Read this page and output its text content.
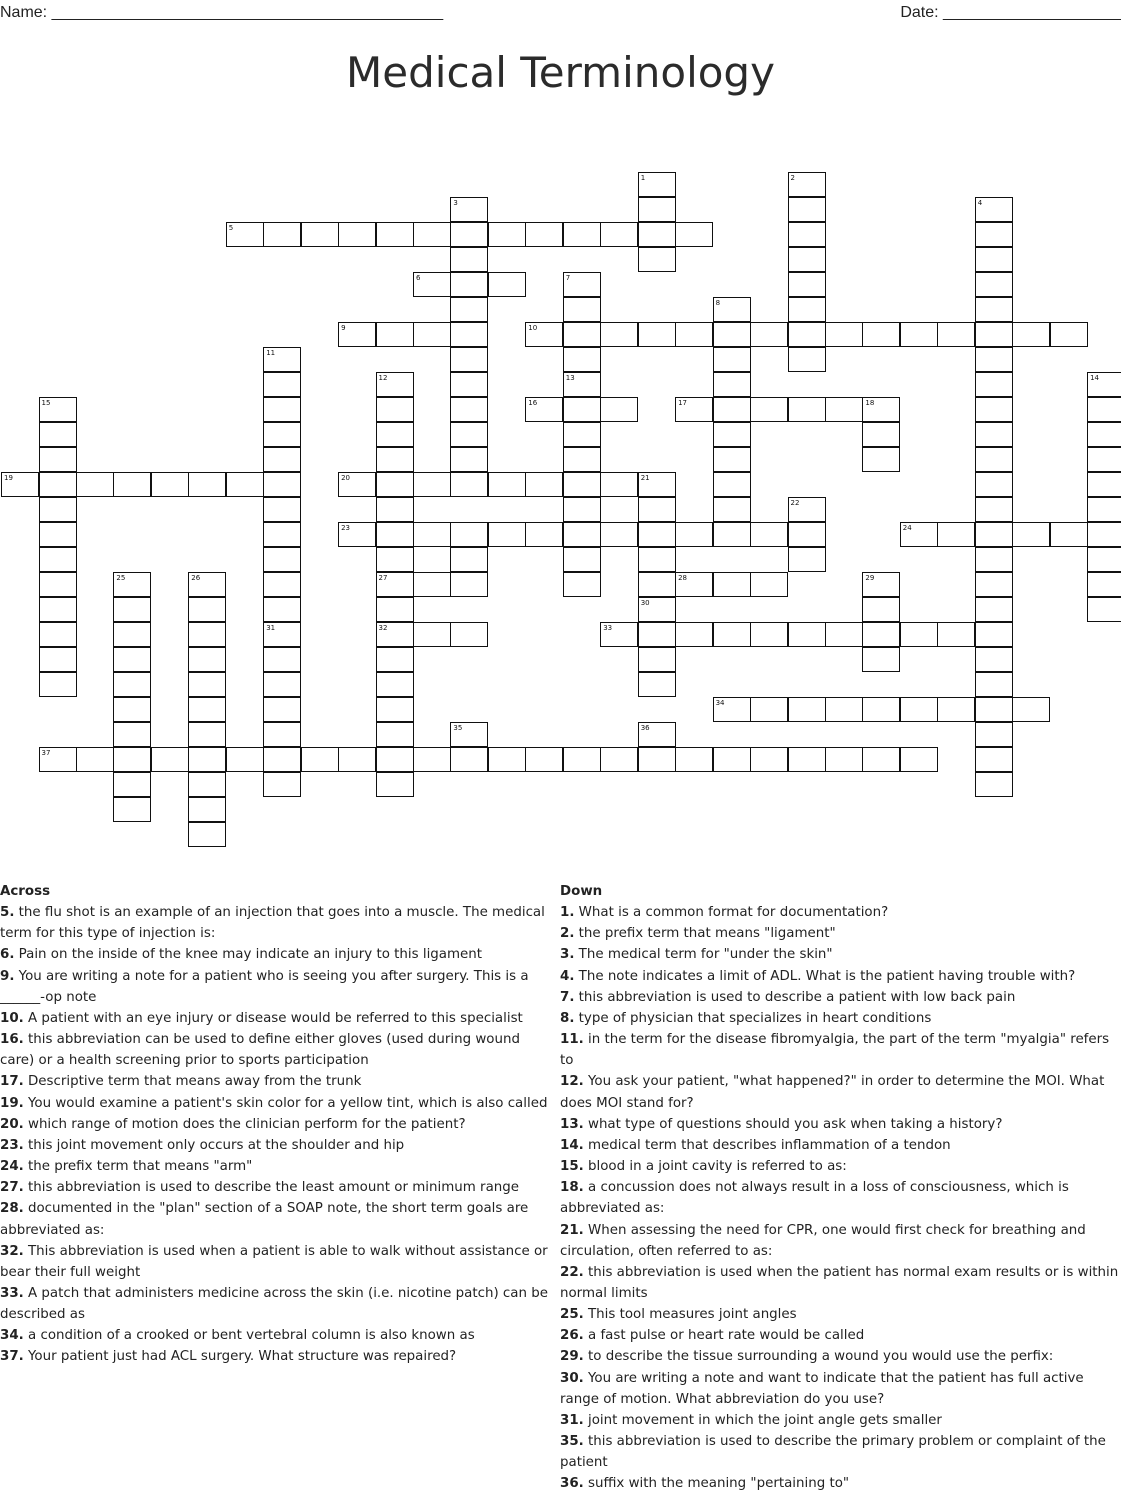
Name: ____________________________________________	Date: ____________________
Medical Terminology
5
6
9	10
16	17	18
19	20
23	24
27	28
32	33
34
37
1	2
3	4
7
13
8
11
31
12	14
15
21
30
22
25	26	29
35	36
Across
5. the flu shot is an example of an injection that goes into a muscle. The medical term for this type of injection is:
6. Pain on the inside of the knee may indicate an injury to this ligament
9. You are writing a note for a patient who is seeing you after surgery. This is a ______-op note
10. A patient with an eye injury or disease would be referred to this specialist
16. this abbreviation can be used to define either gloves (used during wound care) or a health screening prior to sports participation
17. Descriptive term that means away from the trunk
19. You would examine a patient's skin color for a yellow tint, which is also called
20. which range of motion does the clinician perform for the patient?
23. this joint movement only occurs at the shoulder and hip
24. the prefix term that means "arm"
27. this abbreviation is used to describe the least amount or minimum range
28. documented in the "plan" section of a SOAP note, the short term goals are abbreviated as:
32. This abbreviation is used when a patient is able to walk without assistance or bear their full weight
33. A patch that administers medicine across the skin (i.e. nicotine patch) can be described as
34. a condition of a crooked or bent vertebral column is also known as
37. Your patient just had ACL surgery. What structure was repaired?
Down
1. What is a common format for documentation?
2. the prefix term that means "ligament"
3. The medical term for "under the skin"
4. The note indicates a limit of ADL. What is the patient having trouble with?
7. this abbreviation is used to describe a patient with low back pain
8. type of physician that specializes in heart conditions
11. in the term for the disease fibromyalgia, the part of the term "myalgia" refers to
12. You ask your patient, "what happened?" in order to determine the MOI. What does MOI stand for?
13. what type of questions should you ask when taking a history?
14. medical term that describes inflammation of a tendon
15. blood in a joint cavity is referred to as:
18. a concussion does not always result in a loss of consciousness, which is abbreviated as:
21. When assessing the need for CPR, one would first check for breathing and circulation, often referred to as:
22. this abbreviation is used when the patient has normal exam results or is within normal limits
25. This tool measures joint angles
26. a fast pulse or heart rate would be called
29. to describe the tissue surrounding a wound you would use the perfix:
30. You are writing a note and want to indicate that the patient has full active range of motion. What abbreviation do you use?
31. joint movement in which the joint angle gets smaller
35. this abbreviation is used to describe the primary problem or complaint of the patient
36. suffix with the meaning "pertaining to"
